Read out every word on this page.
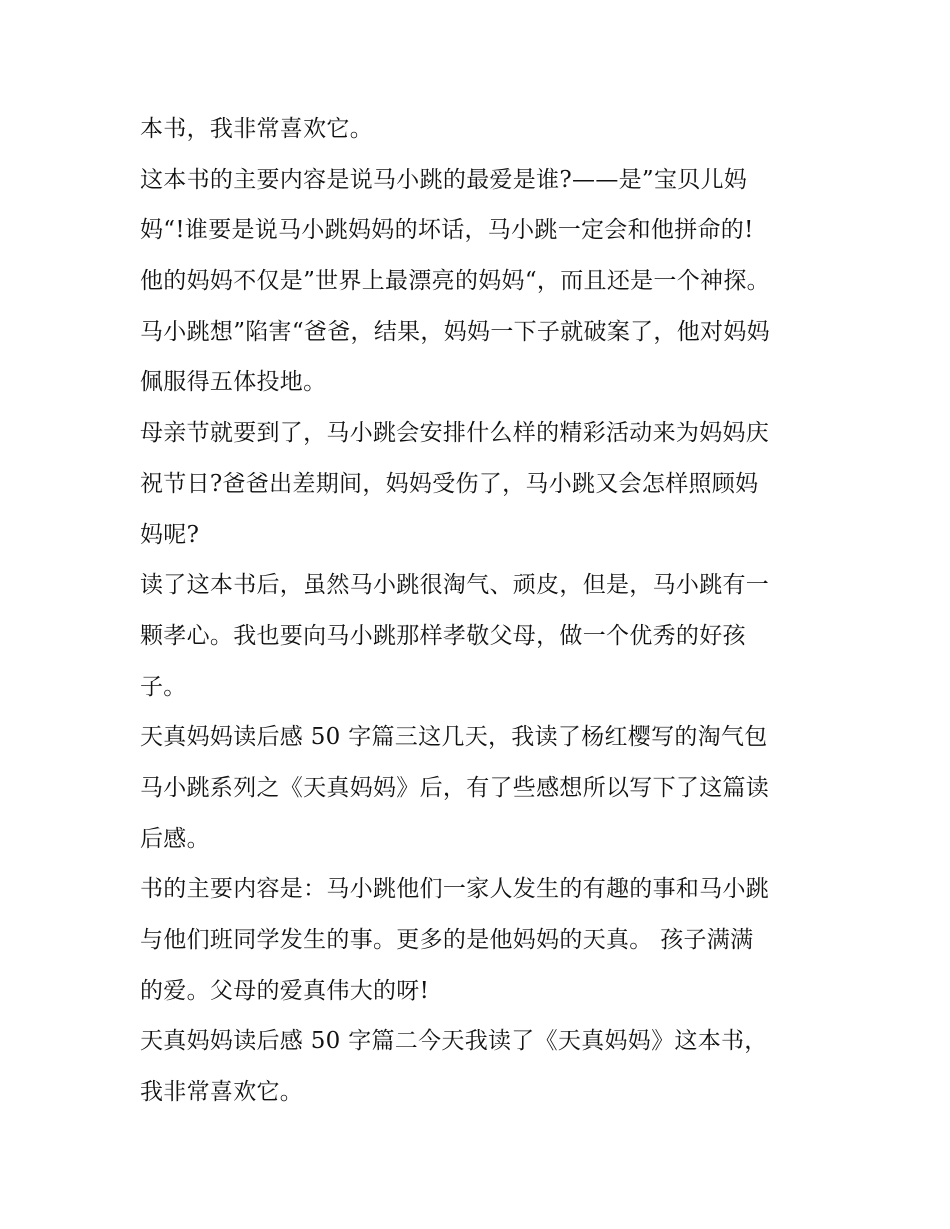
本书，我非常喜欢它。
这本书的主要内容是说马小跳的最爱是谁?——是”宝贝儿妈
妈“!谁要是说马小跳妈妈的坏话，马小跳一定会和他拼命的!
他的妈妈不仅是”世界上最漂亮的妈妈“，而且还是一个神探。
马小跳想”陷害“爸爸，结果，妈妈一下子就破案了，他对妈妈
佩服得五体投地。
母亲节就要到了，马小跳会安排什么样的精彩活动来为妈妈庆
祝节日?爸爸出差期间，妈妈受伤了，马小跳又会怎样照顾妈
妈呢?
读了这本书后，虽然马小跳很淘气、顽皮，但是，马小跳有一
颗孝心。我也要向马小跳那样孝敬父母，做一个优秀的好孩
子。
天真妈妈读后感 50 字篇三这几天，我读了杨红樱写的淘气包
马小跳系列之《天真妈妈》后，有了些感想所以写下了这篇读
后感。
书的主要内容是：马小跳他们一家人发生的有趣的事和马小跳
与他们班同学发生的事。更多的是他妈妈的天真。 孩子满满
的爱。父母的爱真伟大的呀!
天真妈妈读后感 50 字篇二今天我读了《天真妈妈》这本书，
我非常喜欢它。
